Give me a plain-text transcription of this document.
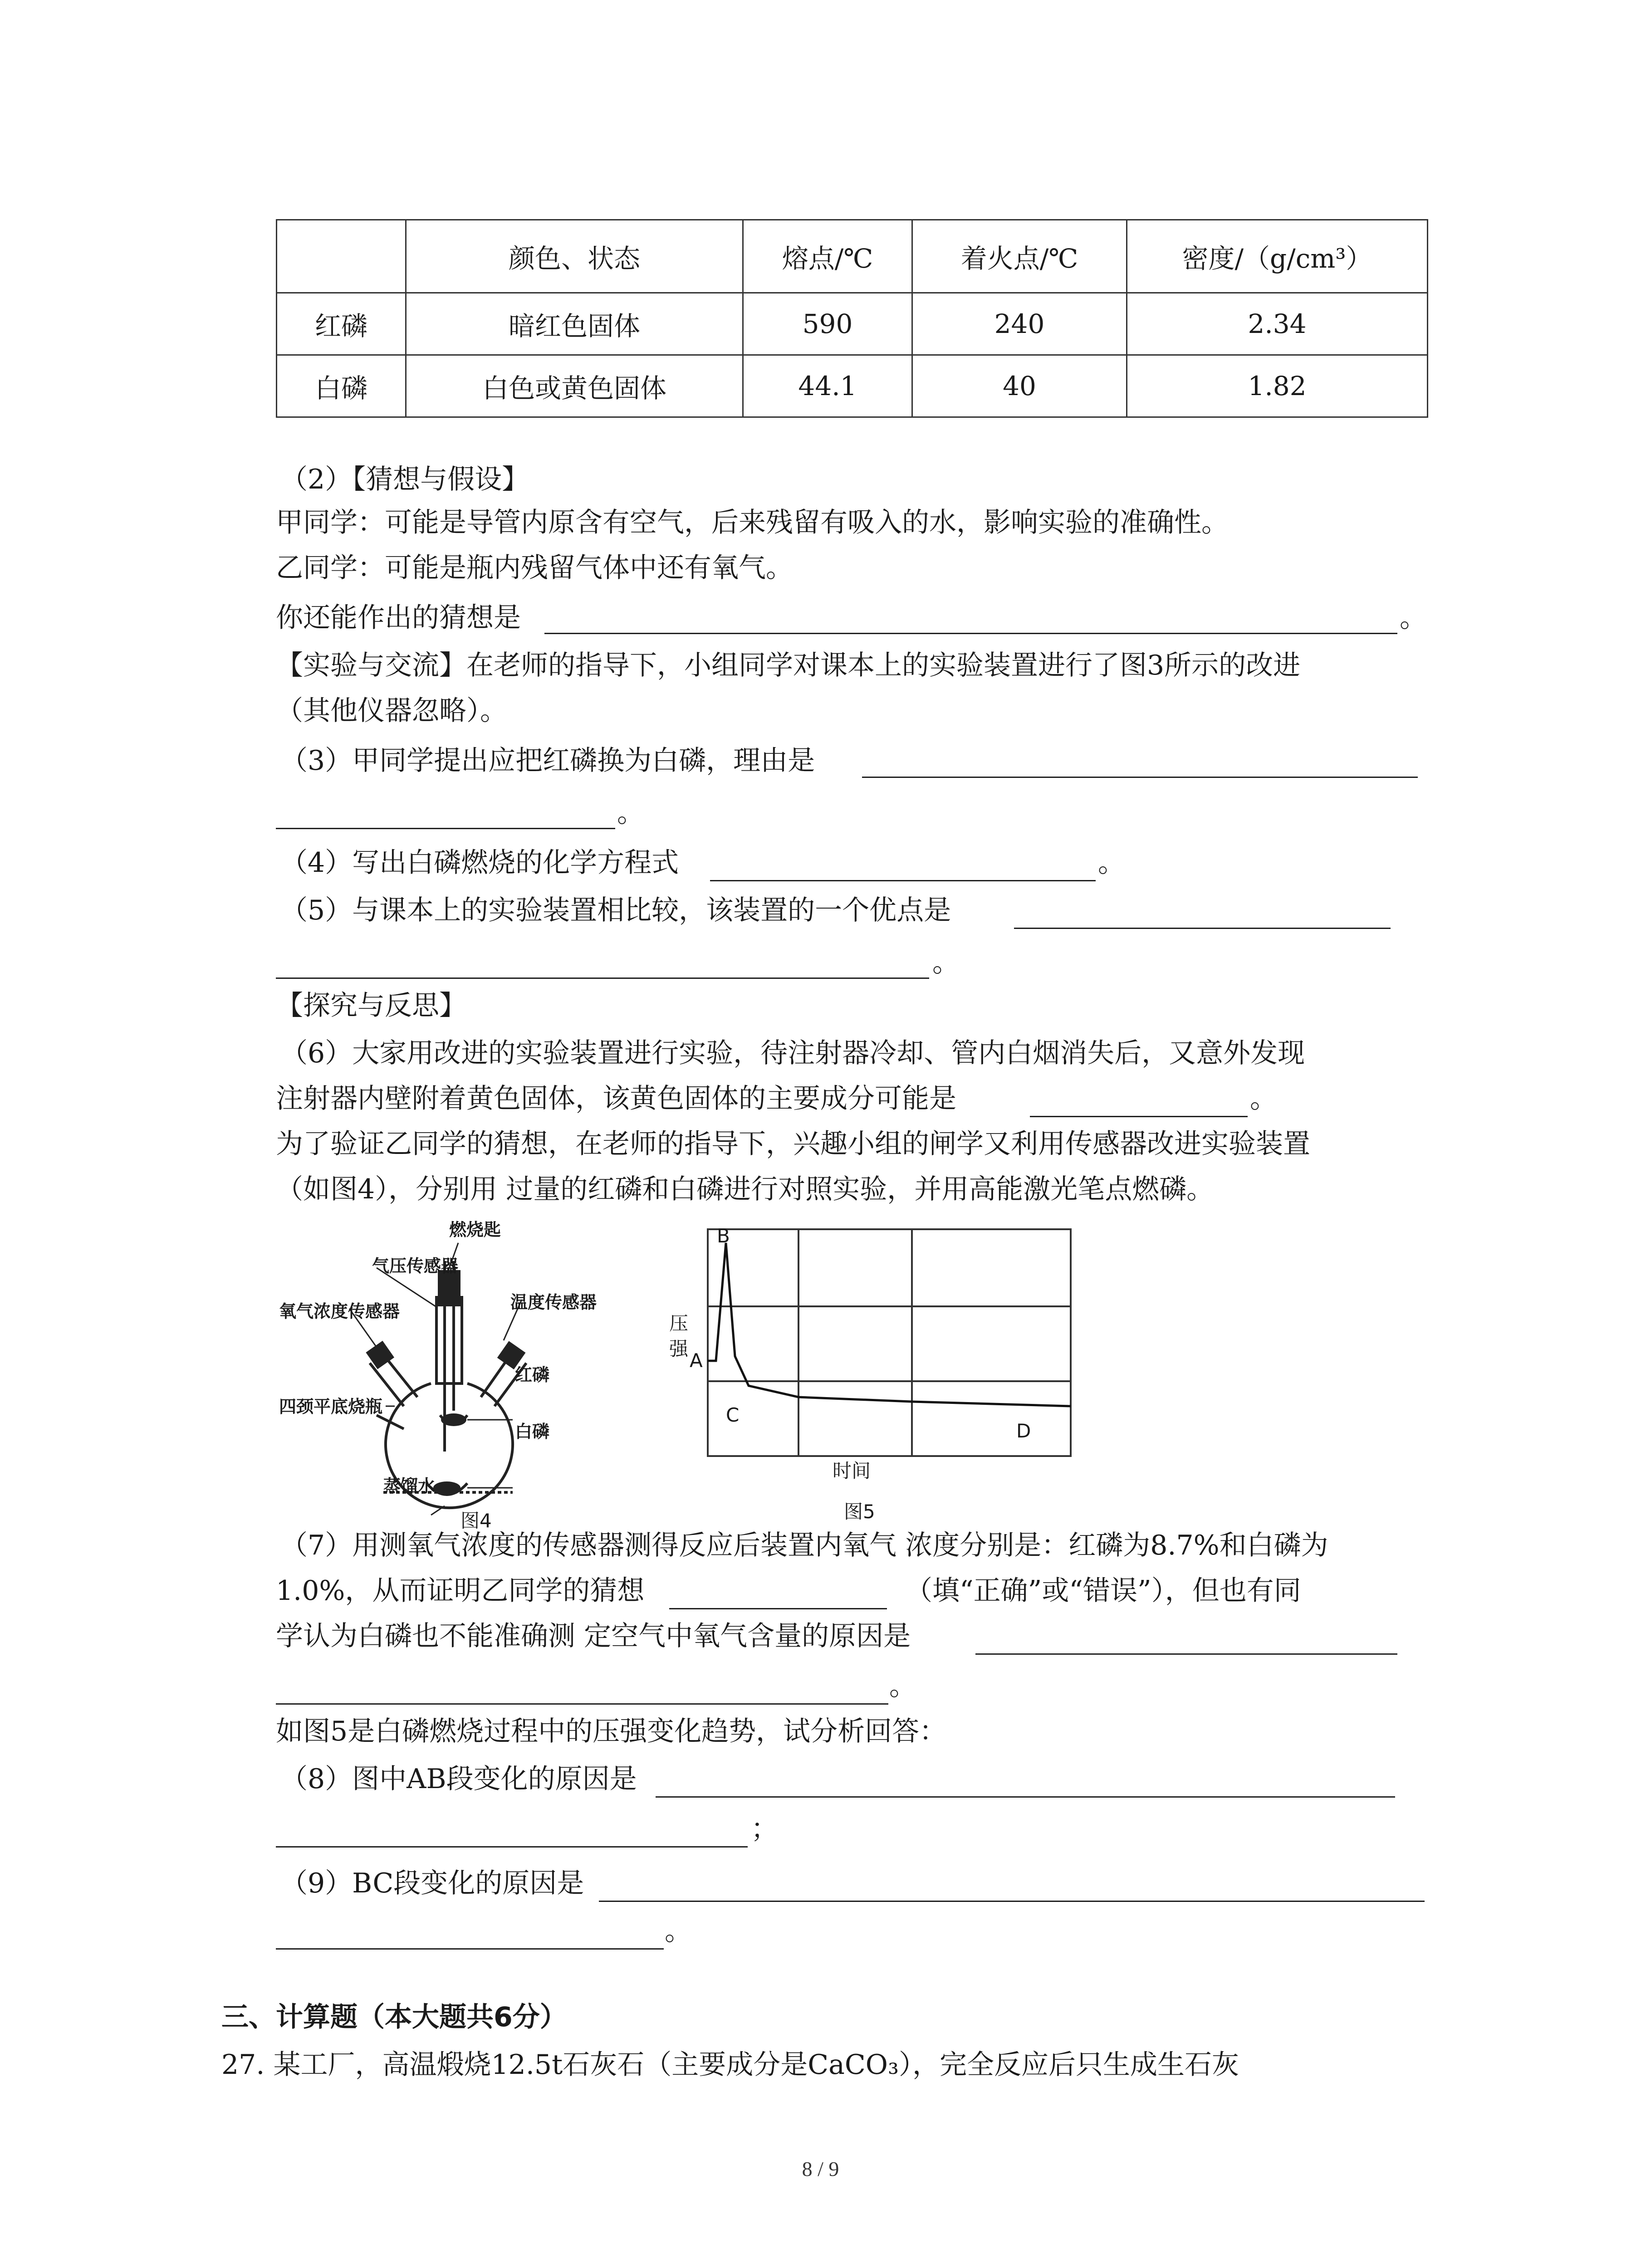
	颜色、状态	熔点/℃	着火点/℃	密度/（g/cm³）
红磷	暗红色固体	590	240	2.34
白磷	白色或黄色固体	44.1	40	1.82
（2）【猜想与假设】
甲同学：可能是导管内原含有空气，后来残留有吸入的水，影响实验的准确性。
乙同学：可能是瓶内残留气体中还有氧气。
你还能作出的猜想是	。
【实验与交流】在老师的指导下，小组同学对课本上的实验装置进行了图3所示的改进
（其他仪器忽略）。
（3）甲同学提出应把红磷换为白磷，理由是
。
（4）写出白磷燃烧的化学方程式	。
（5）与课本上的实验装置相比较，该装置的一个优点是
。
【探究与反思】
（6）大家用改进的实验装置进行实验，待注射器冷却、管内白烟消失后，又意外发现
注射器内壁附着黄色固体，该黄色固体的主要成分可能是	。
为了验证乙同学的猜想，在老师的指导下，兴趣小组的闸学又利用传感器改进实验装置
（如图4），分别用 过量的红磷和白磷进行对照实验，并用高能激光笔点燃磷。
燃烧匙
气压传感器
温度传感器
氧气浓度传感器
四颈平底烧瓶
红磷
白磷
蒸馏水
图4
压强
A
B
C
D
时间
图5
（7）用测氧气浓度的传感器测得反应后装置内氧气 浓度分别是：红磷为8.7%和白磷为
1.0%，从而证明乙同学的猜想	（填“正确”或“错误”），但也有同
学认为白磷也不能准确测 定空气中氧气含量的原因是
。
如图5是白磷燃烧过程中的压强变化趋势，试分析回答：
（8）图中AB段变化的原因是
；
（9）BC段变化的原因是
。
三、计算题（本大题共6分）
27. 某工厂，高温煅烧12.5t石灰石（主要成分是CaCO₃），完全反应后只生成生石灰
8 / 9
